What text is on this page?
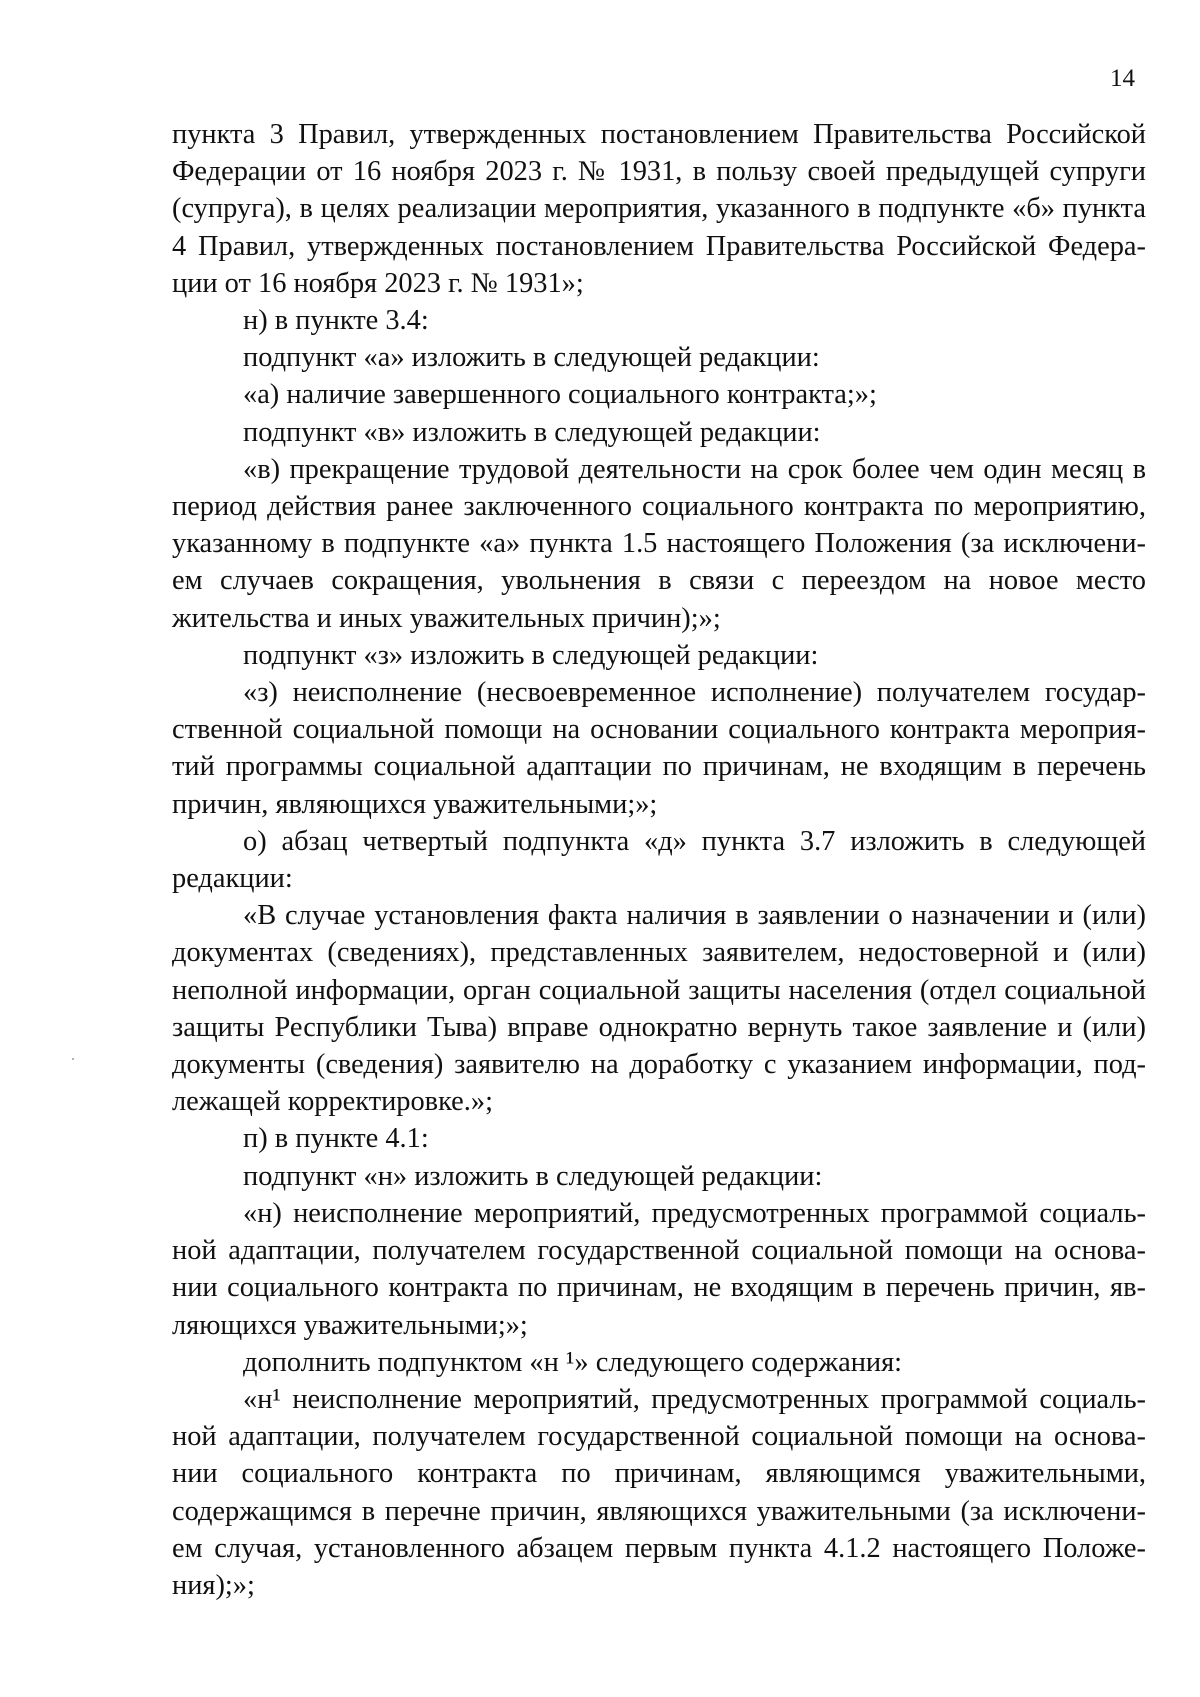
14

пункта 3 Правил, утвержденных постановлением Правительства Российской Федерации от 16 ноября 2023 г. № 1931, в пользу своей предыдущей супруги (супруга), в целях реализации мероприятия, указанного в подпункте «б» пункта 4 Правил, утвержденных постановлением Правительства Российской Федерации от 16 ноября 2023 г. № 1931»;

н) в пункте 3.4:

подпункт «а» изложить в следующей редакции:

«а) наличие завершенного социального контракта;»;

подпункт «в» изложить в следующей редакции:

«в) прекращение трудовой деятельности на срок более чем один месяц в период действия ранее заключенного социального контракта по мероприятию, указанному в подпункте «а» пункта 1.5 настоящего Положения (за исключением случаев сокращения, увольнения в связи с переездом на новое место жительства и иных уважительных причин);»;

подпункт «з» изложить в следующей редакции:

«з) неисполнение (несвоевременное исполнение) получателем государственной социальной помощи на основании социального контракта мероприятий программы социальной адаптации по причинам, не входящим в перечень причин, являющихся уважительными;»;

о) абзац четвертый подпункта «д» пункта 3.7 изложить в следующей редакции:

«В случае установления факта наличия в заявлении о назначении и (или) документах (сведениях), представленных заявителем, недостоверной и (или) неполной информации, орган социальной защиты населения (отдел социальной защиты Республики Тыва) вправе однократно вернуть такое заявление и (или) документы (сведения) заявителю на доработку с указанием информации, подлежащей корректировке.»;

п) в пункте 4.1:

подпункт «н» изложить в следующей редакции:

«н) неисполнение мероприятий, предусмотренных программой социальной адаптации, получателем государственной социальной помощи на основании социального контракта по причинам, не входящим в перечень причин, являющихся уважительными;»;

дополнить подпунктом «н ¹» следующего содержания:

«н¹ неисполнение мероприятий, предусмотренных программой социальной адаптации, получателем государственной социальной помощи на основании социального контракта по причинам, являющимся уважительными, содержащимся в перечне причин, являющихся уважительными (за исключением случая, установленного абзацем первым пункта 4.1.2 настоящего Положения);»;
